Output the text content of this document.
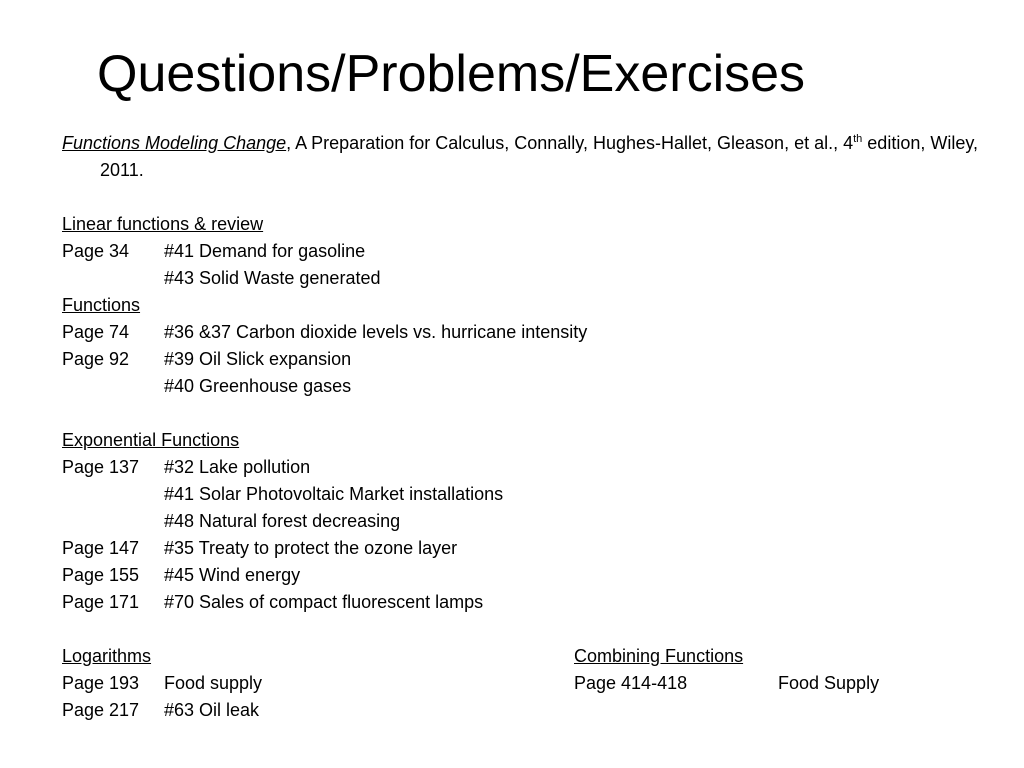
Questions/Problems/Exercises

Functions Modeling Change, A Preparation for Calculus, Connally, Hughes-Hallet, Gleason, et al., 4th edition, Wiley, 2011.

Linear functions & review
Page 34	#41 Demand for gasoline
#43 Solid Waste generated
Functions
Page 74	#36 &37 Carbon dioxide levels vs. hurricane intensity
Page 92	#39 Oil Slick expansion
#40 Greenhouse gases
Exponential Functions
Page 137	#32 Lake pollution
#41 Solar Photovoltaic Market installations
#48 Natural forest decreasing
Page 147	#35 Treaty to protect the ozone layer
Page 155	#45 Wind energy
Page 171	#70 Sales of compact fluorescent lamps
Logarithms
Page 193	Food supply
Page 217	#63 Oil leak
Combining Functions
Page 414-418	Food Supply
